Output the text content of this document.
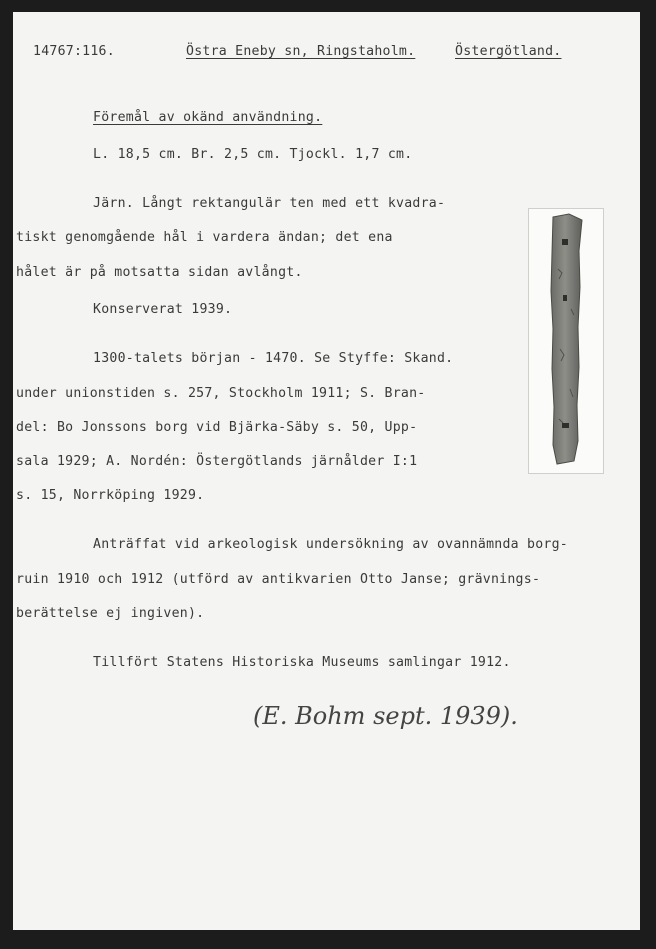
14767:116.	Östra Eneby sn, Ringstaholm.	Östergötland.
Föremål av okänd användning.
L. 18,5 cm. Br. 2,5 cm. Tjockl. 1,7 cm.
Järn. Långt rektangulär ten med ett kvadra-
tiskt genomgående hål i vardera ändan; det ena
hålet är på motsatta sidan avlångt.
Konserverat 1939.
1300-talets början - 1470. Se Styffe: Skand.
under unionstiden s. 257, Stockholm 1911; S. Bran-
del: Bo Jonssons borg vid Bjärka-Säby s. 50, Upp-
sala 1929; A. Nordén: Östergötlands järnålder I:1
s. 15, Norrköping 1929.
Anträffat vid arkeologisk undersökning av ovannämnda borg-
ruin 1910 och 1912 (utförd av antikvarien Otto Janse; grävnings-
berättelse ej ingiven).
Tillfört Statens Historiska Museums samlingar 1912.
(E. Bohm sept. 1939).
